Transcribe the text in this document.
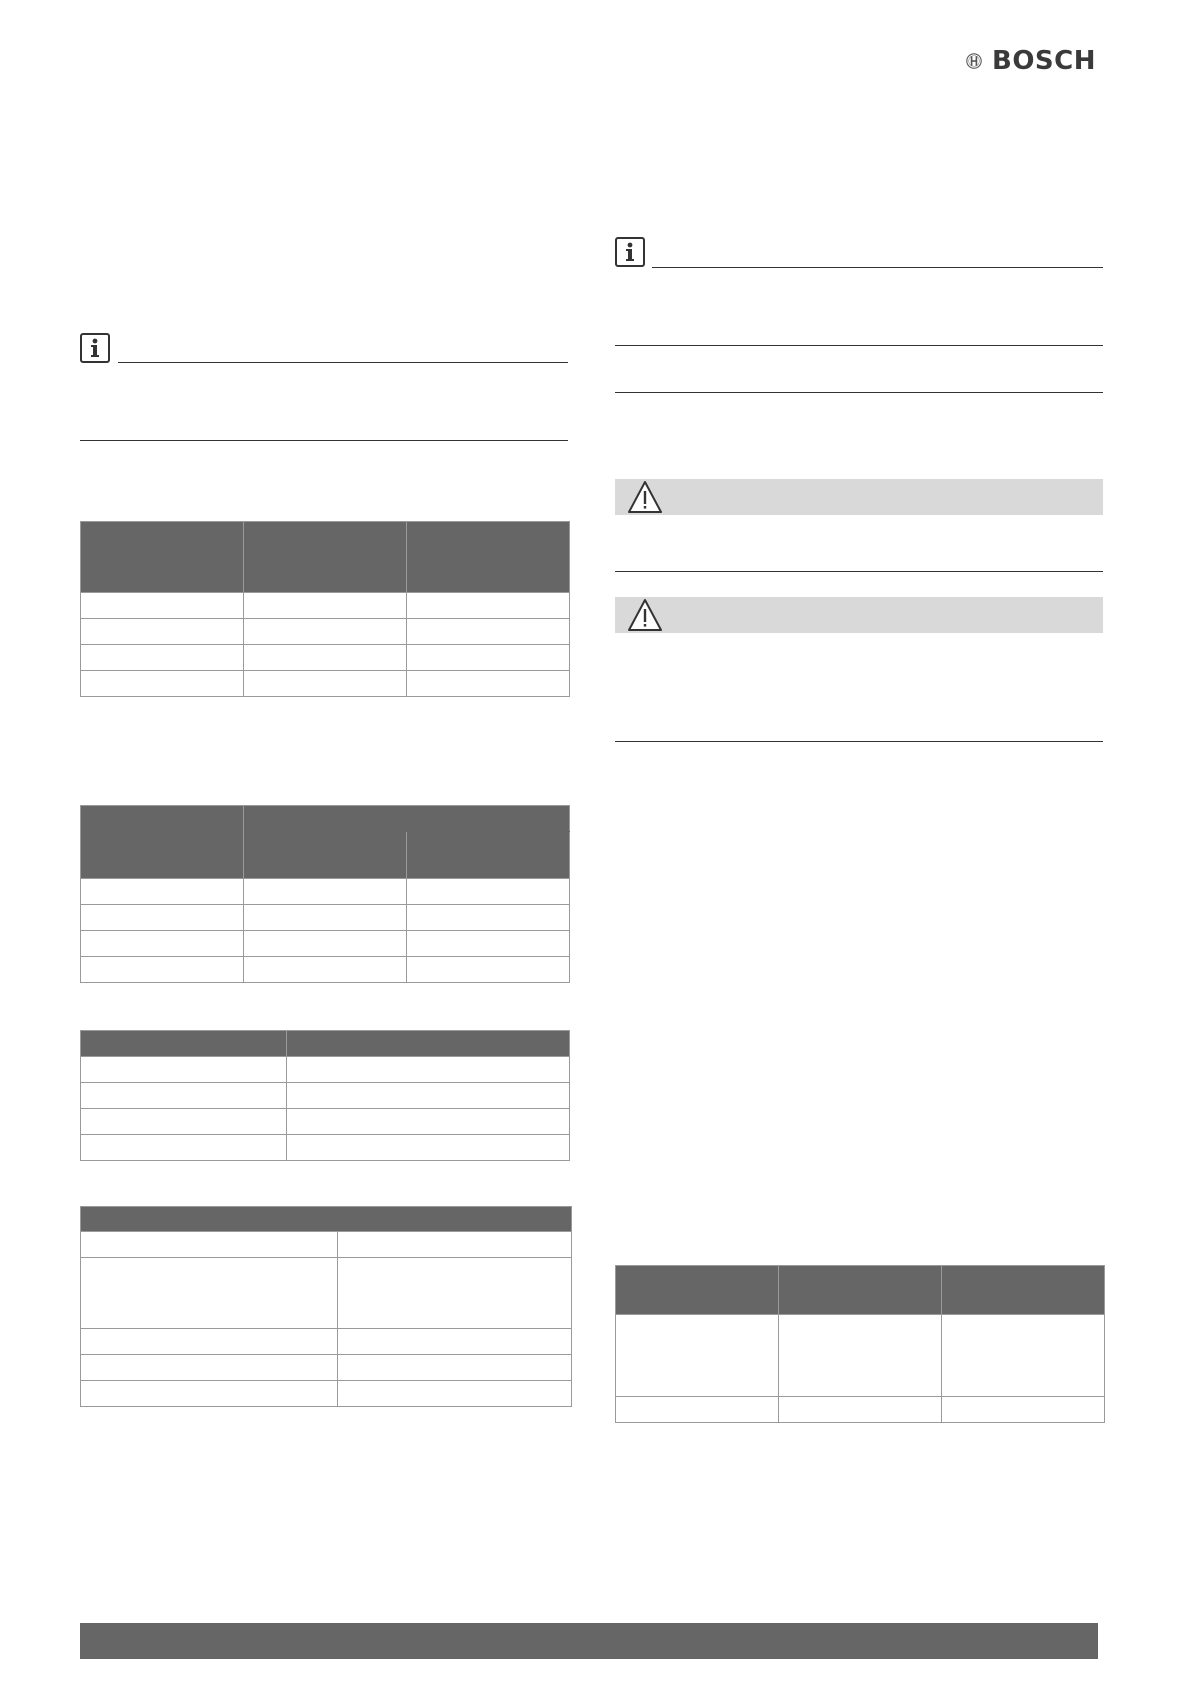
BOSCH
